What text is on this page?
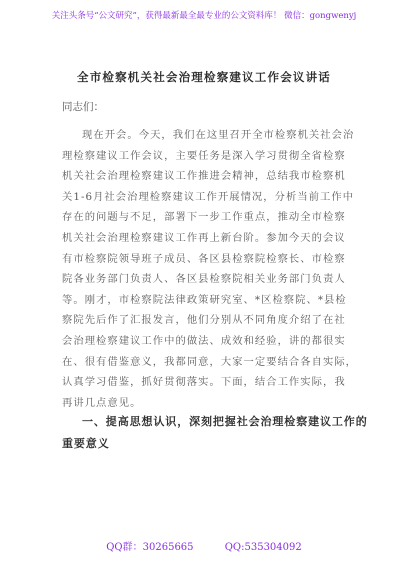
关注头条号“公文研究”，获得最新最全最专业的公文资料库！ 微信：gongwenyj
全市检察机关社会治理检察建议工作会议讲话
同志们：
现在开会。今天，我们在这里召开全市检察机关社会治
理检察建议工作会议，主要任务是深入学习贯彻全省检察
机关社会治理检察建议工作推进会精神，总结我市检察机
关1-6月社会治理检察建议工作开展情况，分析当前工作中
存在的问题与不足，部署下一步工作重点，推动全市检察
机关社会治理检察建议工作再上新台阶。参加今天的会议
有市检察院领导班子成员、各区县检察院检察长、市检察
院各业务部门负责人、各区县检察院相关业务部门负责人
等。刚才，市检察院法律政策研究室、*区检察院、*县检
察院先后作了汇报发言，他们分别从不同角度介绍了在社
会治理检察建议工作中的做法、成效和经验，讲的都很实
在、很有借鉴意义，我都同意，大家一定要结合各自实际，
认真学习借鉴，抓好贯彻落实。下面，结合工作实际，我
再讲几点意见。
一、提高思想认识，深刻把握社会治理检察建议工作的
重要意义
QQ群：30265665	QQ:535304092
